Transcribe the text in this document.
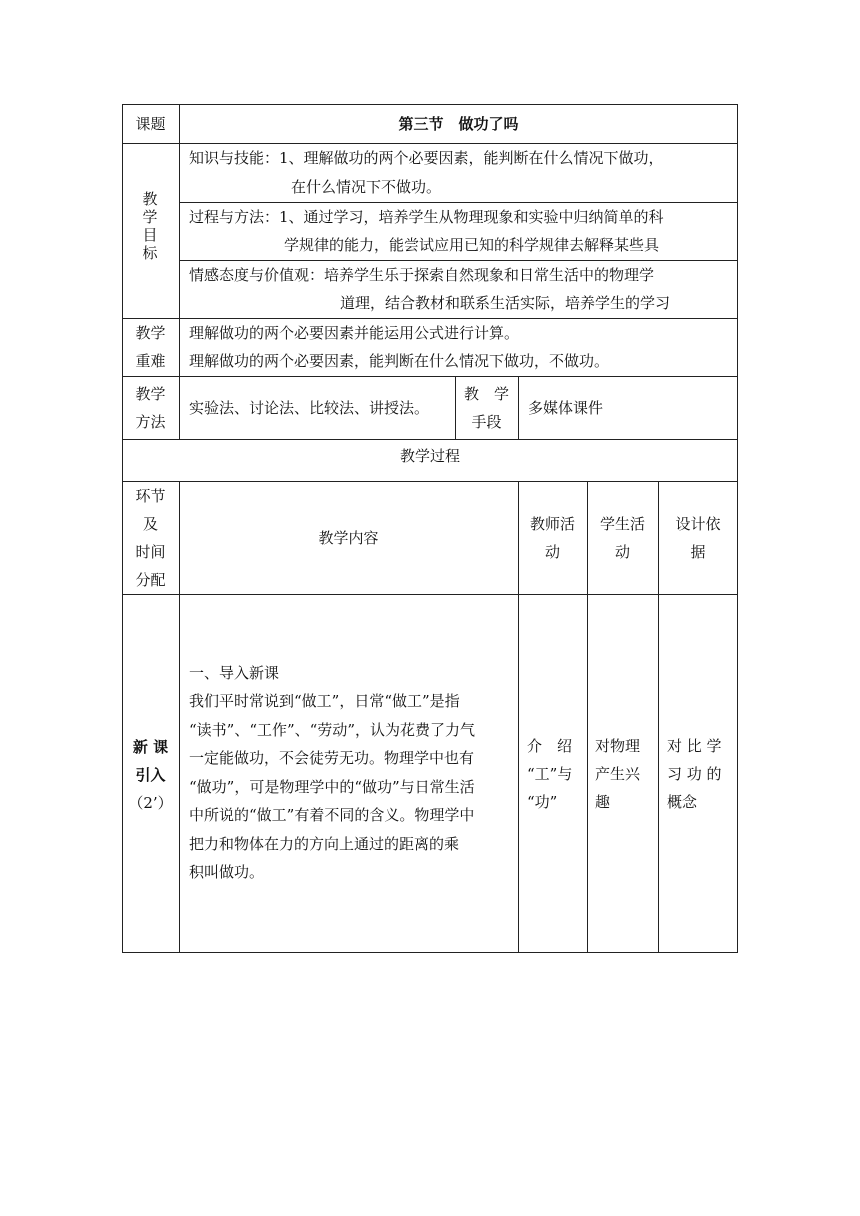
课题	第三节　做功了吗
教学目标
知识与技能：1、理解做功的两个必要因素，能判断在什么情况下做功，
在什么情况下不做功。
过程与方法：1、通过学习，培养学生从物理现象和实验中归纳简单的科
学规律的能力，能尝试应用已知的科学规律去解释某些具
情感态度与价值观：培养学生乐于探索自然现象和日常生活中的物理学
道理，结合教材和联系生活实际，培养学生的学习
教学
重难
理解做功的两个必要因素并能运用公式进行计算。
理解做功的两个必要因素，能判断在什么情况下做功，不做功。
教学
方法
实验法、讨论法、比较法、讲授法。
教　学
手段
多媒体课件
教学过程
环节
及
时间
分配
教学内容
教师活
动
学生活
动
设计依
据
新 课
引入
（2’）
一、导入新课
我们平时常说到“做工”，日常“做工”是指
“读书”、“工作”、“劳动”，认为花费了力气
一定能做功，不会徒劳无功。物理学中也有
“做功”，可是物理学中的“做功”与日常生活
中所说的“做工”有着不同的含义。物理学中
把力和物体在力的方向上通过的距离的乘
积叫做功。
介　绍
“工”与
“功”
对物理
产生兴
趣
对 比 学
习 功 的
概念
